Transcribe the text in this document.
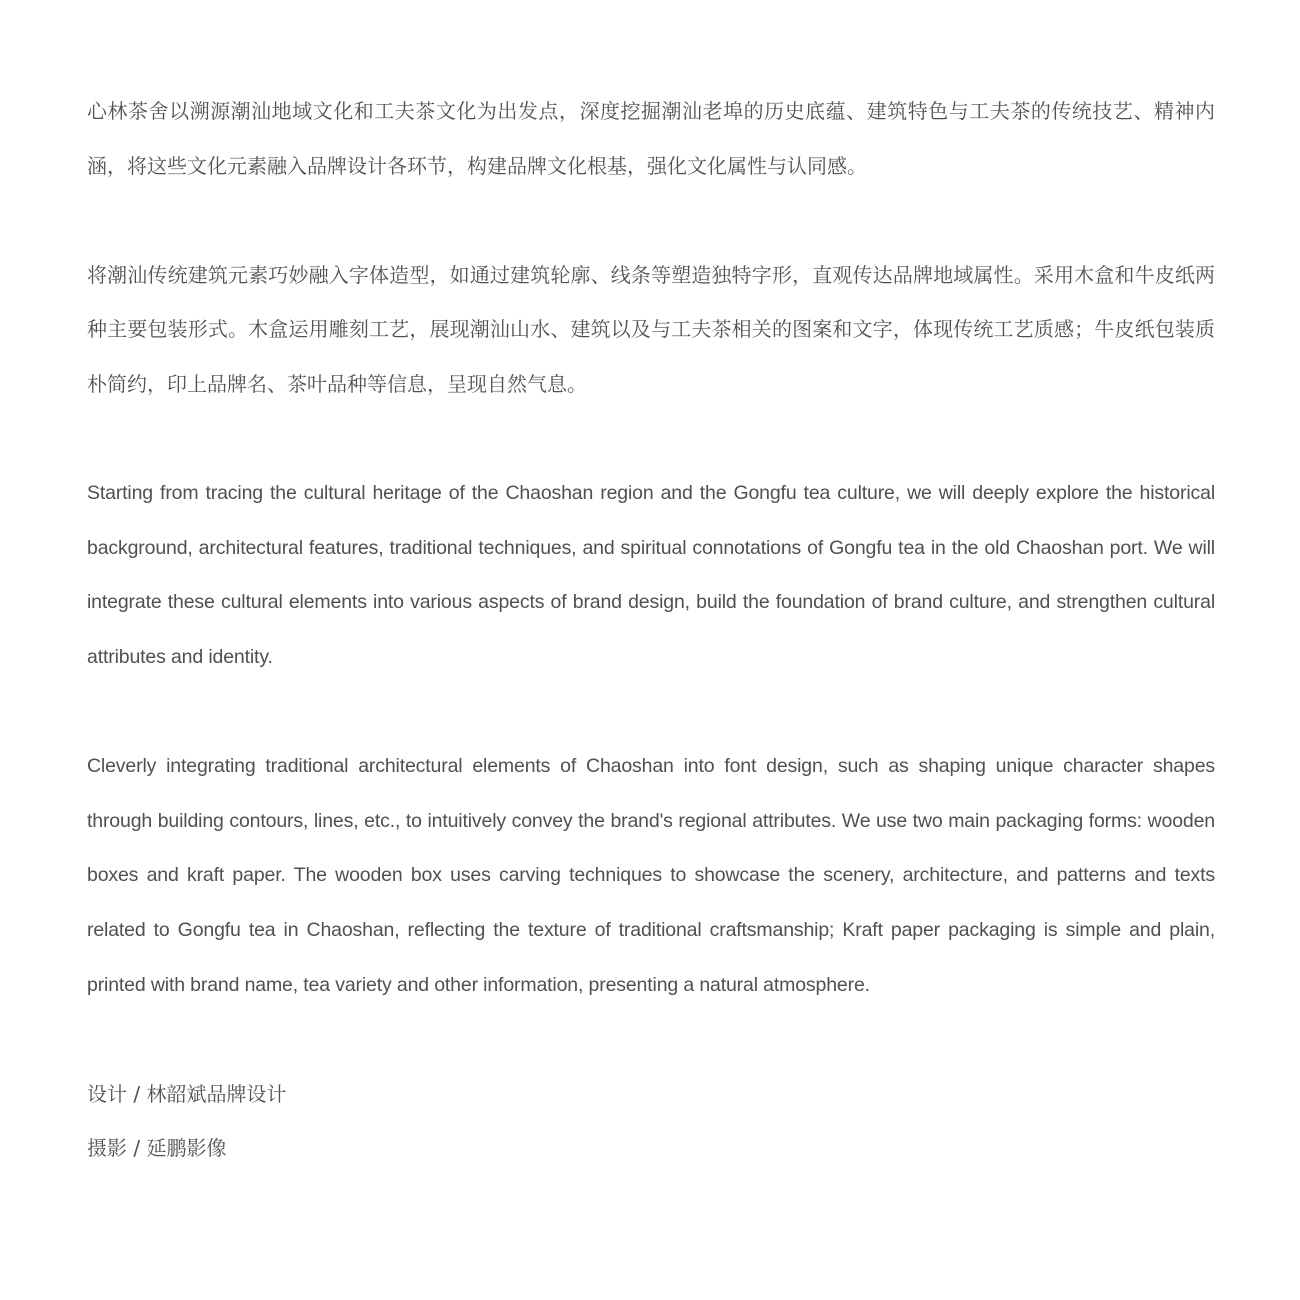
心林茶舍以溯源潮汕地域文化和工夫茶文化为出发点，深度挖掘潮汕老埠的历史底蕴、建筑特色与工夫茶的传统技艺、精神内涵，将这些文化元素融入品牌设计各环节，构建品牌文化根基，强化文化属性与认同感。

将潮汕传统建筑元素巧妙融入字体造型，如通过建筑轮廓、线条等塑造独特字形，直观传达品牌地域属性。采用木盒和牛皮纸两种主要包装形式。木盒运用雕刻工艺，展现潮汕山水、建筑以及与工夫茶相关的图案和文字，体现传统工艺质感；牛皮纸包装质朴简约，印上品牌名、茶叶品种等信息，呈现自然气息。

Starting from tracing the cultural heritage of the Chaoshan region and the Gongfu tea culture, we will deeply explore the historical background, architectural features, traditional techniques, and spiritual connotations of Gongfu tea in the old Chaoshan port. We will integrate these cultural elements into various aspects of brand design, build the foundation of brand culture, and strengthen cultural attributes and identity.

Cleverly integrating traditional architectural elements of Chaoshan into font design, such as shaping unique character shapes through building contours, lines, etc., to intuitively convey the brand's regional attributes. We use two main packaging forms: wooden boxes and kraft paper. The wooden box uses carving techniques to showcase the scenery, architecture, and patterns and texts related to Gongfu tea in Chaoshan, reflecting the texture of traditional craftsmanship; Kraft paper packaging is simple and plain, printed with brand name, tea variety and other information, presenting a natural atmosphere.

设计 / 林韶斌品牌设计

摄影 / 延鹏影像
